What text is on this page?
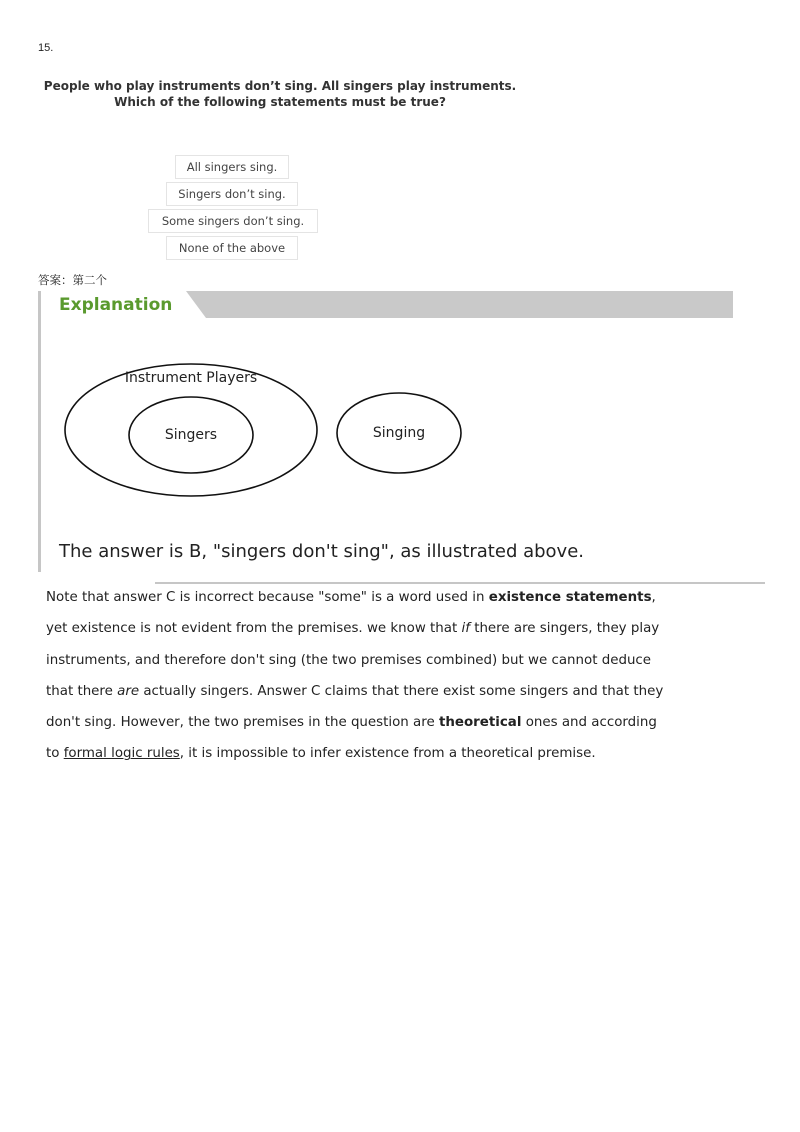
15.
People who play instruments don’t sing. All singers play instruments.
Which of the following statements must be true?
All singers sing.
Singers don’t sing.
Some singers don’t sing.
None of the above
答案：第二个
Explanation
Instrument Players
Singers	Singing
The answer is B, "singers don't sing", as illustrated above.
Note that answer C is incorrect because "some" is a word used in existence statements, yet existence is not evident from the premises. we know that if there are singers, they play instruments, and therefore don't sing (the two premises combined) but we cannot deduce that there are actually singers. Answer C claims that there exist some singers and that they don't sing. However, the two premises in the question are theoretical ones and according to formal logic rules, it is impossible to infer existence from a theoretical premise.
